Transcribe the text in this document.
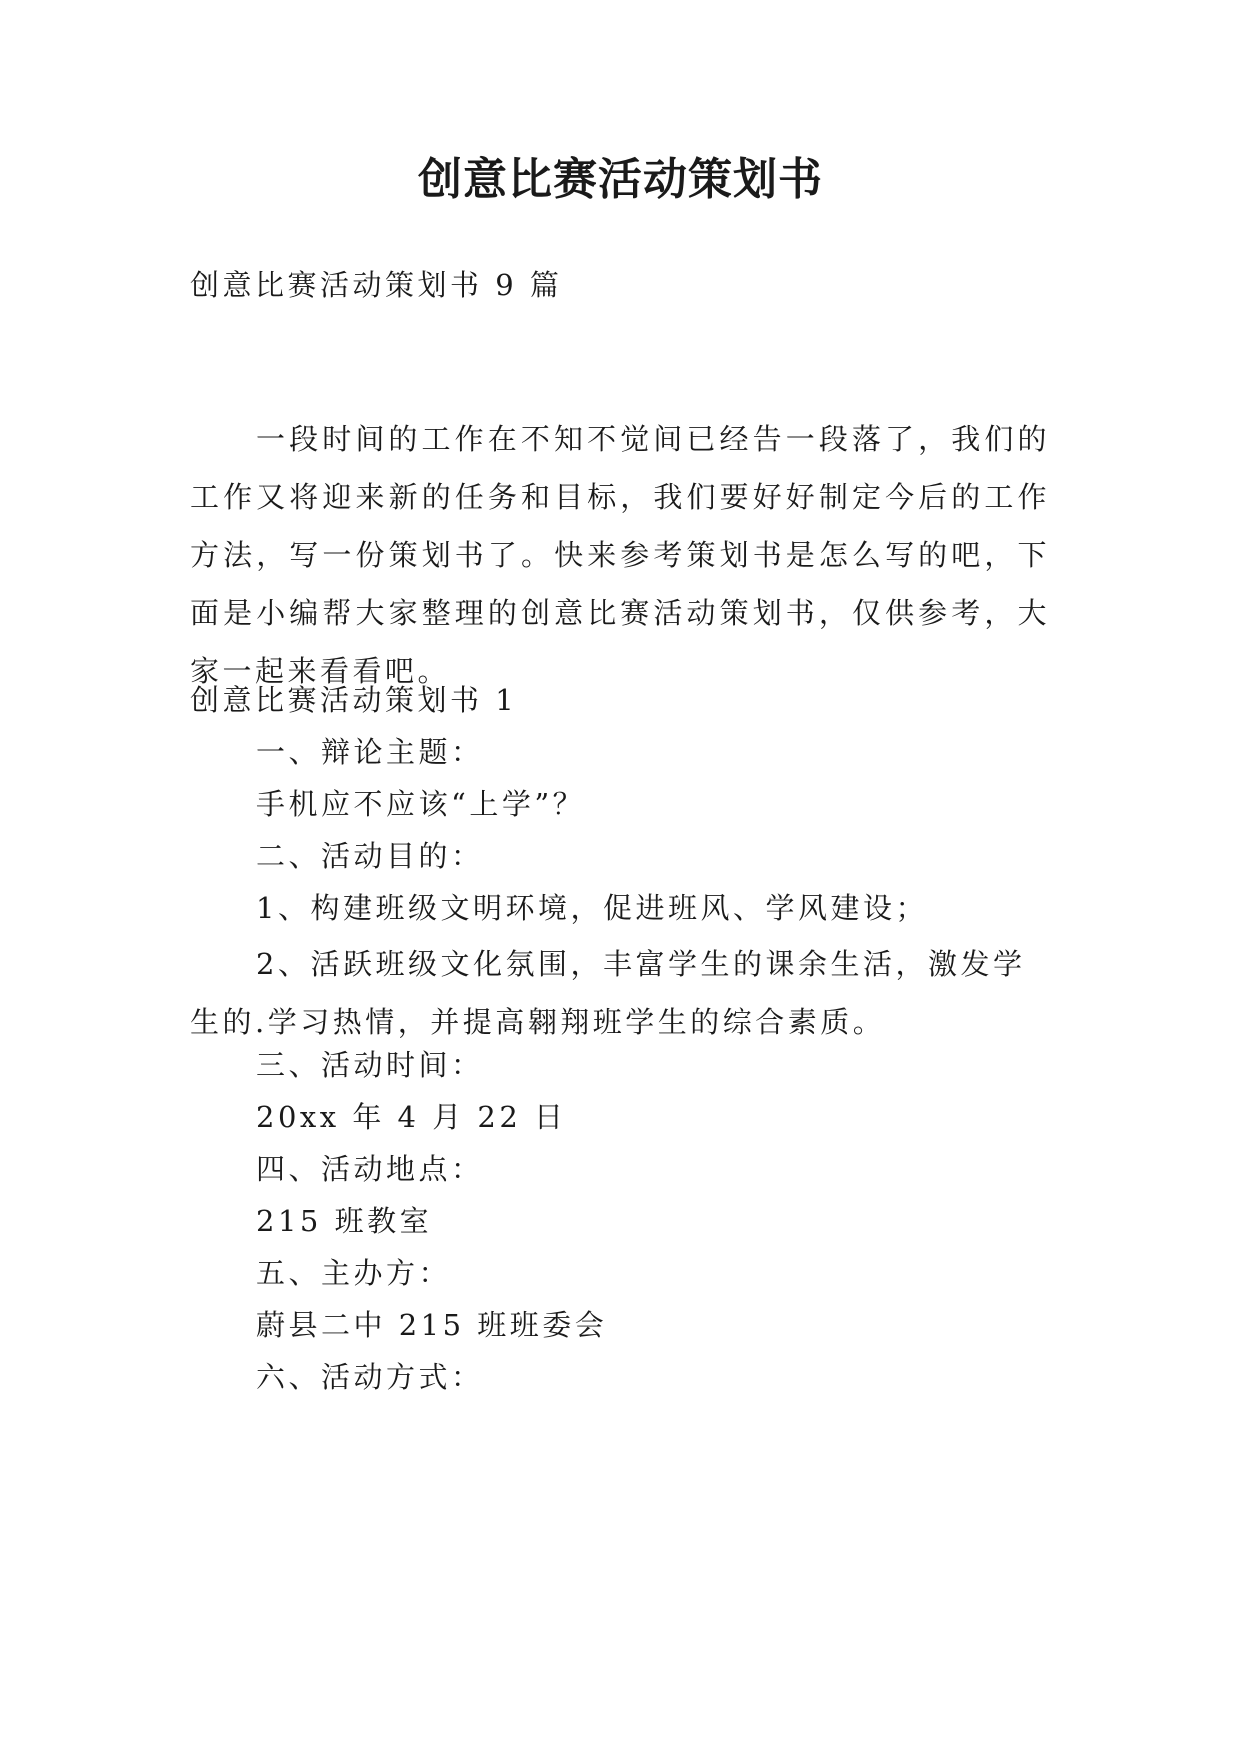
创意比赛活动策划书
创意比赛活动策划书 9 篇
一段时间的工作在不知不觉间已经告一段落了，我们的工作又将迎来新的任务和目标，我们要好好制定今后的工作方法，写一份策划书了。快来参考策划书是怎么写的吧，下面是小编帮大家整理的创意比赛活动策划书，仅供参考，大家一起来看看吧。
创意比赛活动策划书 1
一、辩论主题：
手机应不应该“上学”？
二、活动目的：
1、构建班级文明环境，促进班风、学风建设；
2、活跃班级文化氛围，丰富学生的课余生活，激发学生的.学习热情，并提高翱翔班学生的综合素质。
三、活动时间：
20xx 年 4 月 22 日
四、活动地点：
215 班教室
五、主办方：
蔚县二中 215 班班委会
六、活动方式：
